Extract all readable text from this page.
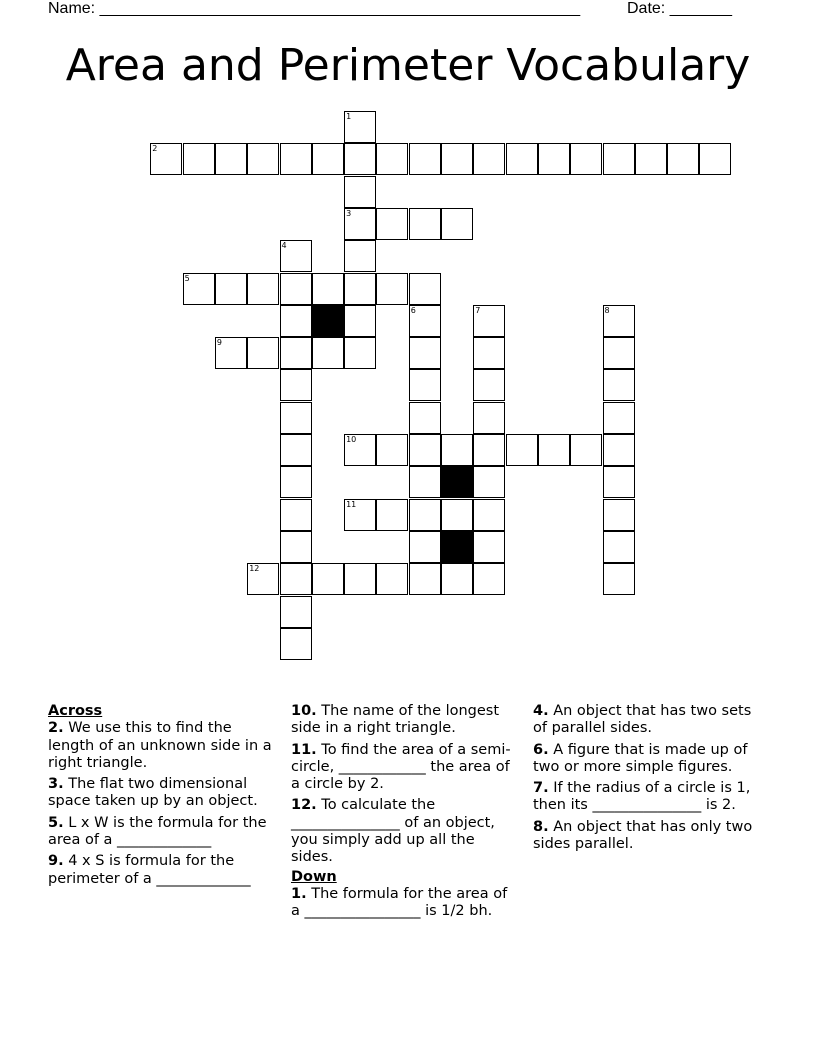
Name: ______________________________________________________	Date: _______
Area and Perimeter Vocabulary
1
2
3
4
5
6	7	8
9
10
11
12
Across
2. We use this to find the length of an unknown side in a right triangle.
3. The flat two dimensional space taken up by an object.
5. L x W is the formula for the area of a _____________
9. 4 x S is formula for the perimeter of a _____________
10. The name of the longest side in a right triangle.
11. To find the area of a semi-circle, ____________ the area of a circle by 2.
12. To calculate the _______________ of an object, you simply add up all the sides.
Down
1. The formula for the area of a ________________ is 1/2 bh.
4. An object that has two sets of parallel sides.
6. A figure that is made up of two or more simple figures.
7. If the radius of a circle is 1, then its _______________ is 2.
8. An object that has only two sides parallel.
